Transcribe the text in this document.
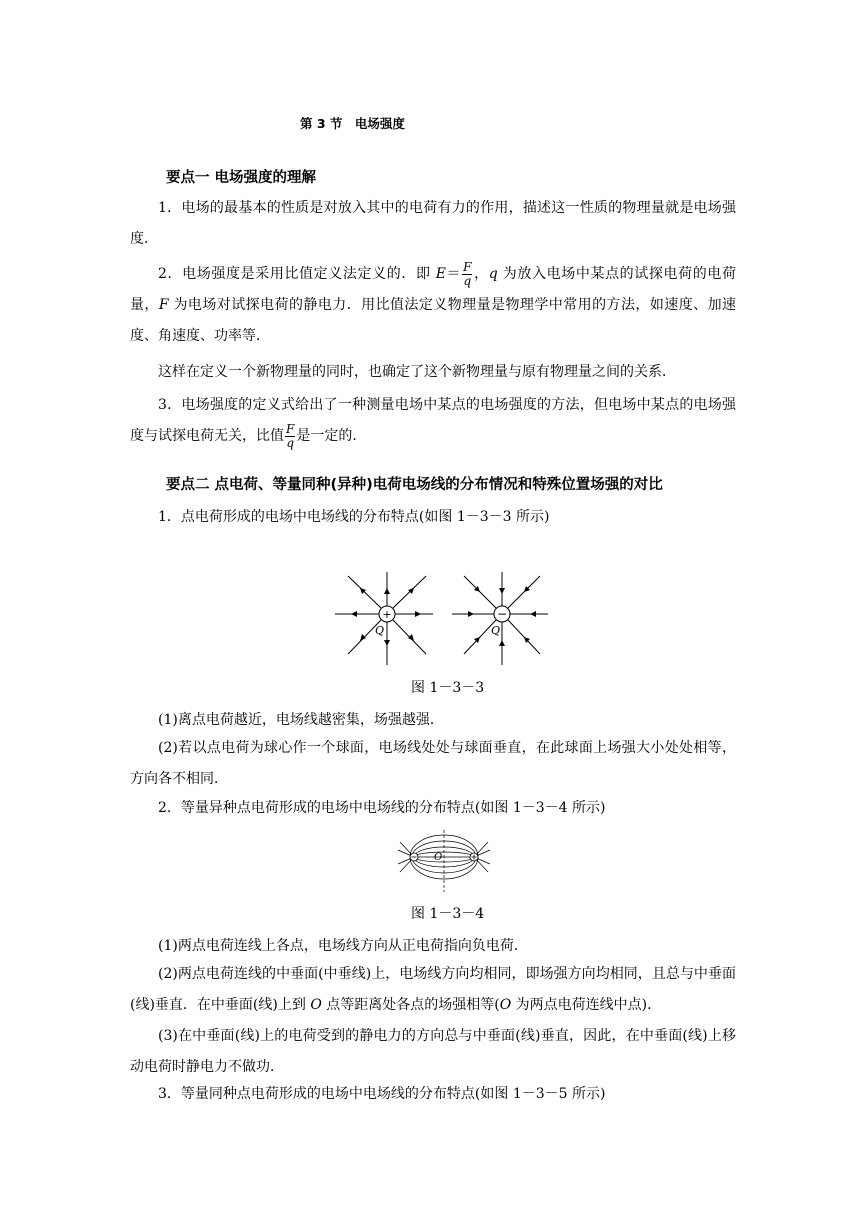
第 3 节　电场强度
要点一 电场强度的理解

1．电场的最基本的性质是对放入其中的电荷有力的作用，描述这一性质的物理量就是电场强度．

2．电场强度是采用比值定义法定义的．即 $E= \frac{F}{q}$ ，q 为放入电场中某点的试探电荷的电荷量，F 为电场对试探电荷的静电力．用比值法定义物理量是物理学中常用的方法，如速度、加速度、角速度、功率等．

这样在定义一个新物理量的同时，也确定了这个新物理量与原有物理量之间的关系．

3．电场强度的定义式给出了一种测量电场中某点的电场强度的方法，但电场中某点的电场强度与试探电荷无关，比值 $\frac{F}{q}$ 是一定的．

要点二 点电荷、等量同种(异种)电荷电场线的分布情况和特殊位置场强的对比
1．点电荷形成的电场中电场线的分布特点(如图 1－3－3 所示)
+
Q
−
Q
图 1－3－3
(1)离点电荷越近，电场线越密集，场强越强．

(2)若以点电荷为球心作一个球面，电场线处处与球面垂直，在此球面上场强大小处处相等，方向各不相同．

2．等量异种点电荷形成的电场中电场线的分布特点(如图 1－3－4 所示)
O
图 1－3－4
(1)两点电荷连线上各点，电场线方向从正电荷指向负电荷．

(2)两点电荷连线的中垂面(中垂线)上，电场线方向均相同，即场强方向均相同，且总与中垂面(线)垂直．在中垂面(线)上到 O 点等距离处各点的场强相等(O 为两点电荷连线中点)．

(3)在中垂面(线)上的电荷受到的静电力的方向总与中垂面(线)垂直，因此，在中垂面(线)上移动电荷时静电力不做功．

3．等量同种点电荷形成的电场中电场线的分布特点(如图 1－3－5 所示)
